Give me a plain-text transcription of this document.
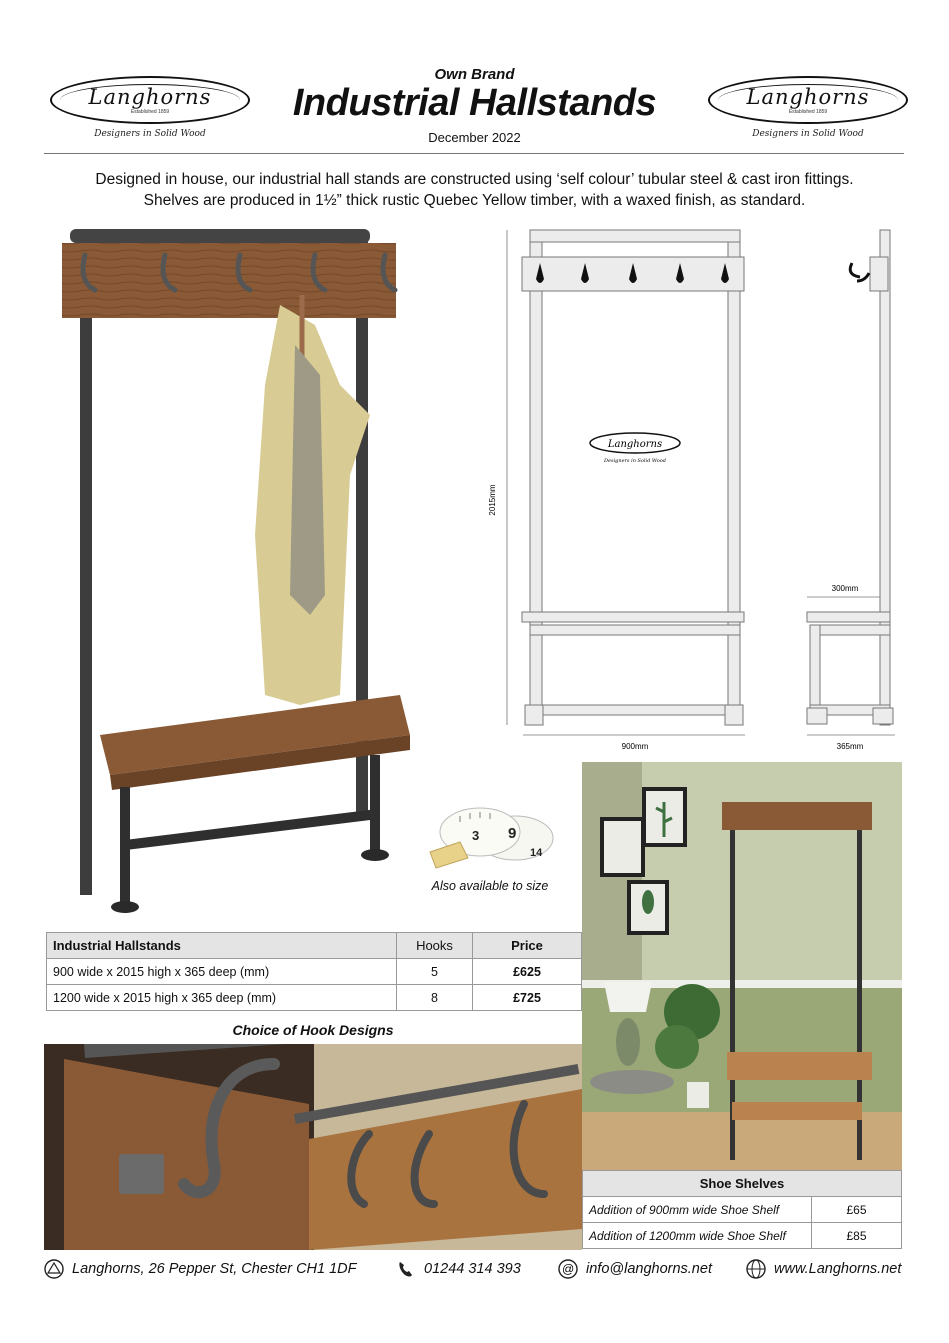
Langhorns
Established 1859
Designers in Solid Wood
Langhorns
Established 1859
Designers in Solid Wood
Own Brand
Industrial Hallstands
December 2022
Designed in house, our industrial hall stands are constructed using ‘self colour’ tubular steel & cast iron fittings.
Shelves are produced in 1½” thick rustic Quebec Yellow timber, with a waxed finish, as standard.
Langhorns
Designers in Solid Wood
2015mm
900mm
300mm
365mm
3 9
14
Also available to size
Industrial Hallstands	Hooks	Price
900 wide x 2015 high x 365 deep (mm)	5	£625
1200 wide x 2015 high x 365 deep (mm)	8	£725
Choice of Hook Designs
Shoe Shelves	
Addition of 900mm wide Shoe Shelf	£65
Addition of 1200mm wide Shoe Shelf	£85
Langhorns, 26 Pepper St, Chester CH1 1DF	01244 314 393	@ info@langhorns.net	www.Langhorns.net
